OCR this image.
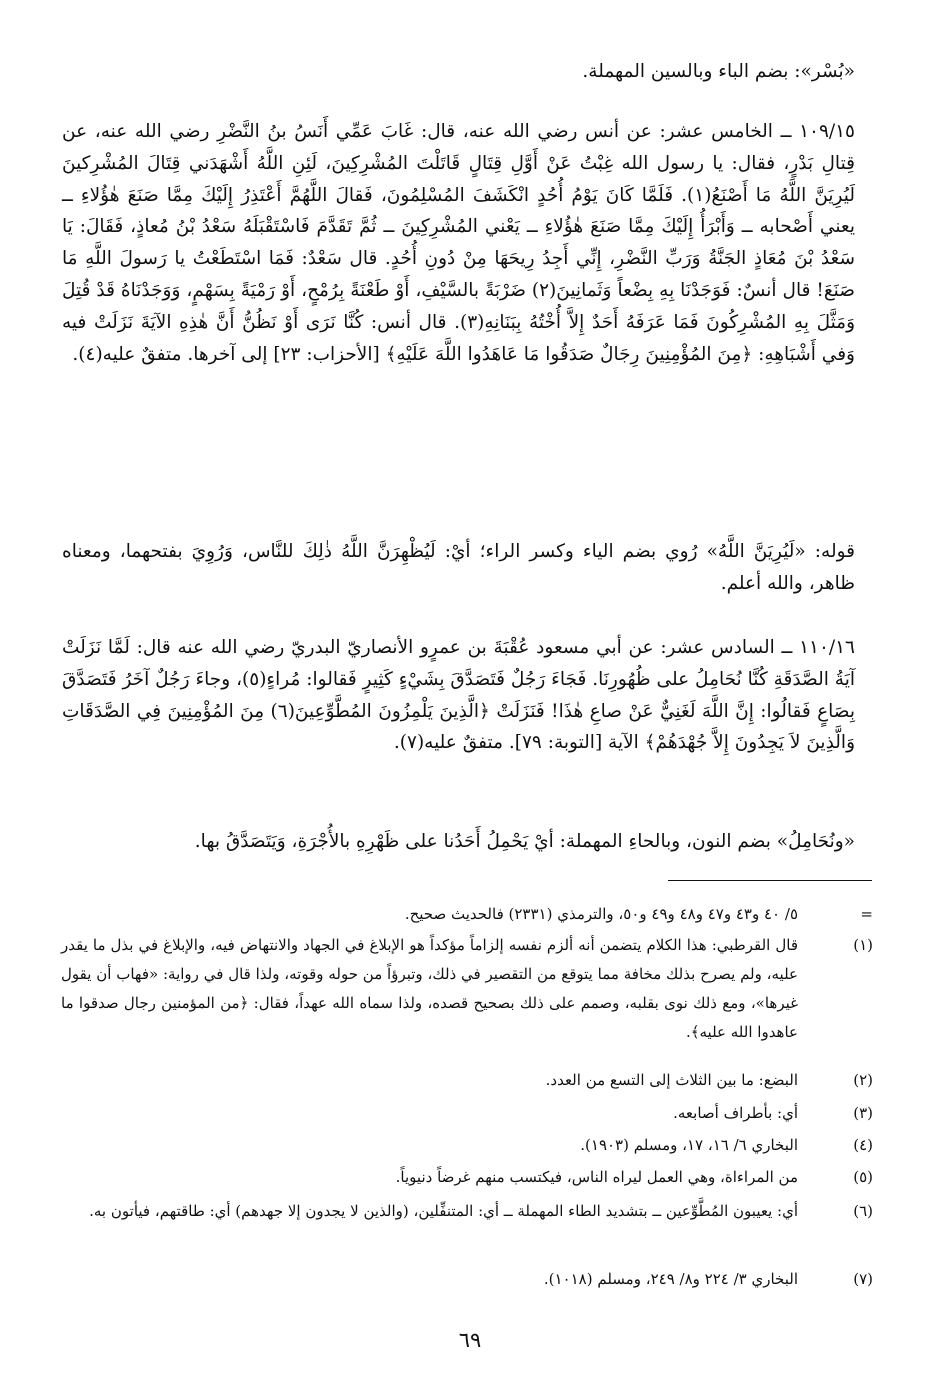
«بُسْر»: بضم الباء وبالسين المهملة.

١٠٩/١٥ ــ الخامس عشر: عن أنس رضي الله عنه، قال: غَابَ عَمِّي أَنَسُ بنُ النَّضْرِ رضي الله عنه، عن قِتالِ بَدْرٍ، فقال: يا رسول الله غِبْتُ عَنْ أَوَّلِ قِتَالٍ قَاتَلْتَ المُشْرِكِينَ، لَئِنِ اللَّهُ أَشْهَدَني قِتَالَ المُشْرِكينَ لَيُرِيَنَّ اللَّهُ مَا أَصْنَعُ(١). فَلَمَّا كَانَ يَوْمُ أُحُدٍ انْكَشَفَ المُسْلِمُونَ، فَقالَ اللَّهُمَّ أَعْتَذِرُ إِلَيْكَ مِمَّا صَنَعَ هٰؤُلاءِ ــ يعني أَصْحابه ــ وَأَبْرَأُ إِلَيْكَ مِمَّا صَنَعَ هٰؤُلاءِ ــ يَعْني المُشْرِكِينَ ــ ثُمَّ تَقَدَّمَ فَاسْتَقْبَلَهُ سَعْدُ بْنُ مُعاذٍ، فَقَالَ: يَا سَعْدُ بْنَ مُعَاذٍ الجَنَّةُ وَرَبِّ النَّضْرِ، إِنِّي أَجِدُ رِيحَهَا مِنْ دُونِ أُحُدٍ. قال سَعْدٌ: فَمَا اسْتَطَعْتُ يا رَسولَ اللَّهِ مَا صَنَعَ! قال أنسٌ: فَوَجَدْنَا بِهِ بِضْعاً وَثَمانِينَ(٢) ضَرْبَةً بالسَّيْفِ، أَوْ طَعْنَةً بِرُمْحٍ، أَوْ رَمْيَةً بِسَهْمٍ، وَوَجَدْنَاهُ قَدْ قُتِلَ وَمَثَّلَ بِهِ المُشْرِكُونَ فَمَا عَرَفَهُ أَحَدٌ إِلاَّ أُخْتُهُ بِبَنَانِهِ(٣). قال أنس: كُنَّا نَرَى أَوْ نَظُنُّ أَنَّ هٰذِهِ الآيَةَ نَزَلَتْ فيه وَفي أَشْبَاهِهِ: ﴿مِنَ المُؤْمِنِينَ رِجَالٌ صَدَقُوا مَا عَاهَدُوا اللَّهَ عَلَيْهِ﴾ [الأحزاب: ٢٣] إلى آخرها. متفقٌ عليه(٤).

قوله: «لَيُرِيَنَّ اللَّهُ» رُوي بضم الياء وكسر الراء؛ أيْ: لَيُظْهِرَنَّ اللَّهُ ذٰلِكَ للنَّاس، وَرُوِيَ بفتحهما، ومعناه ظاهر، والله أعلم.

١١٠/١٦ ــ السادس عشر: عن أبي مسعود عُقْبَةَ بن عمرٍو الأنصاريّ البدريّ رضي الله عنه قال: لَمَّا نَزَلَتْ آيَةُ الصَّدَقَةِ كُنَّا نُحَامِلُ على ظُهُورِنَا. فَجَاءَ رَجُلٌ فَتَصَدَّقَ بِشَيْءٍ كَثِيرٍ فَقالوا: مُراءٍ(٥)، وجاءَ رَجُلٌ آخَرُ فَتَصَدَّقَ بِصَاعٍ فَقالُوا: إِنَّ اللَّهَ لَغَنِيٌّ عَنْ صاعِ هٰذَا! فَنَزَلَتْ ﴿الَّذِينَ يَلْمِزُونَ المُطَّوِّعِينَ(٦) مِنَ المُؤْمِنِينَ فِي الصَّدَقَاتِ وَالَّذِينَ لاَ يَجِدُونَ إِلاَّ جُهْدَهُمْ﴾ الآية [التوبة: ٧٩]. متفقٌ عليه(٧).

«ونُحَامِلُ» بضم النون، وبالحاءِ المهملة: أيْ يَحْمِلُ أَحَدُنا على ظَهْرِهِ بالأُجْرَةِ، وَيَتَصَدَّقُ بها.

=

٥/ ٤٠ و٤٣ و٤٧ و٤٨ و٤٩ و٥٠، والترمذي (٢٣٣١) فالحديث صحيح.

(١)

قال القرطبي: هذا الكلام يتضمن أنه ألزم نفسه إلزاماً مؤكداً هو الإبلاغ في الجهاد والانتهاض فيه، والإبلاغ في بذل ما يقدر عليه، ولم يصرح بذلك مخافة مما يتوقع من التقصير في ذلك، وتبرؤاً من حوله وقوته، ولذا قال في رواية: «فهاب أن يقول غيرها»، ومع ذلك نوى بقلبه، وصمم على ذلك بصحيح قصده، ولذا سماه الله عهداً، فقال: ﴿من المؤمنين رجال صدقوا ما عاهدوا الله عليه﴾.

(٢)

البضع: ما بين الثلاث إلى التسع من العدد.

(٣)

أي: بأطراف أصابعه.

(٤)

البخاري ٦/ ١٦، ١٧، ومسلم (١٩٠٣).

(٥)

من المراءاة، وهي العمل ليراه الناس، فيكتسب منهم غرضاً دنيوياً.

(٦)

أي: يعيبون المُطَّوِّعين ــ بتشديد الطاء المهملة ــ أي: المتنفِّلين، (والذين لا يجدون إلا جهدهم) أي: طاقتهم، فيأتون به.

(٧)

البخاري ٣/ ٢٢٤ و٨/ ٢٤٩، ومسلم (١٠١٨).

٦٩
